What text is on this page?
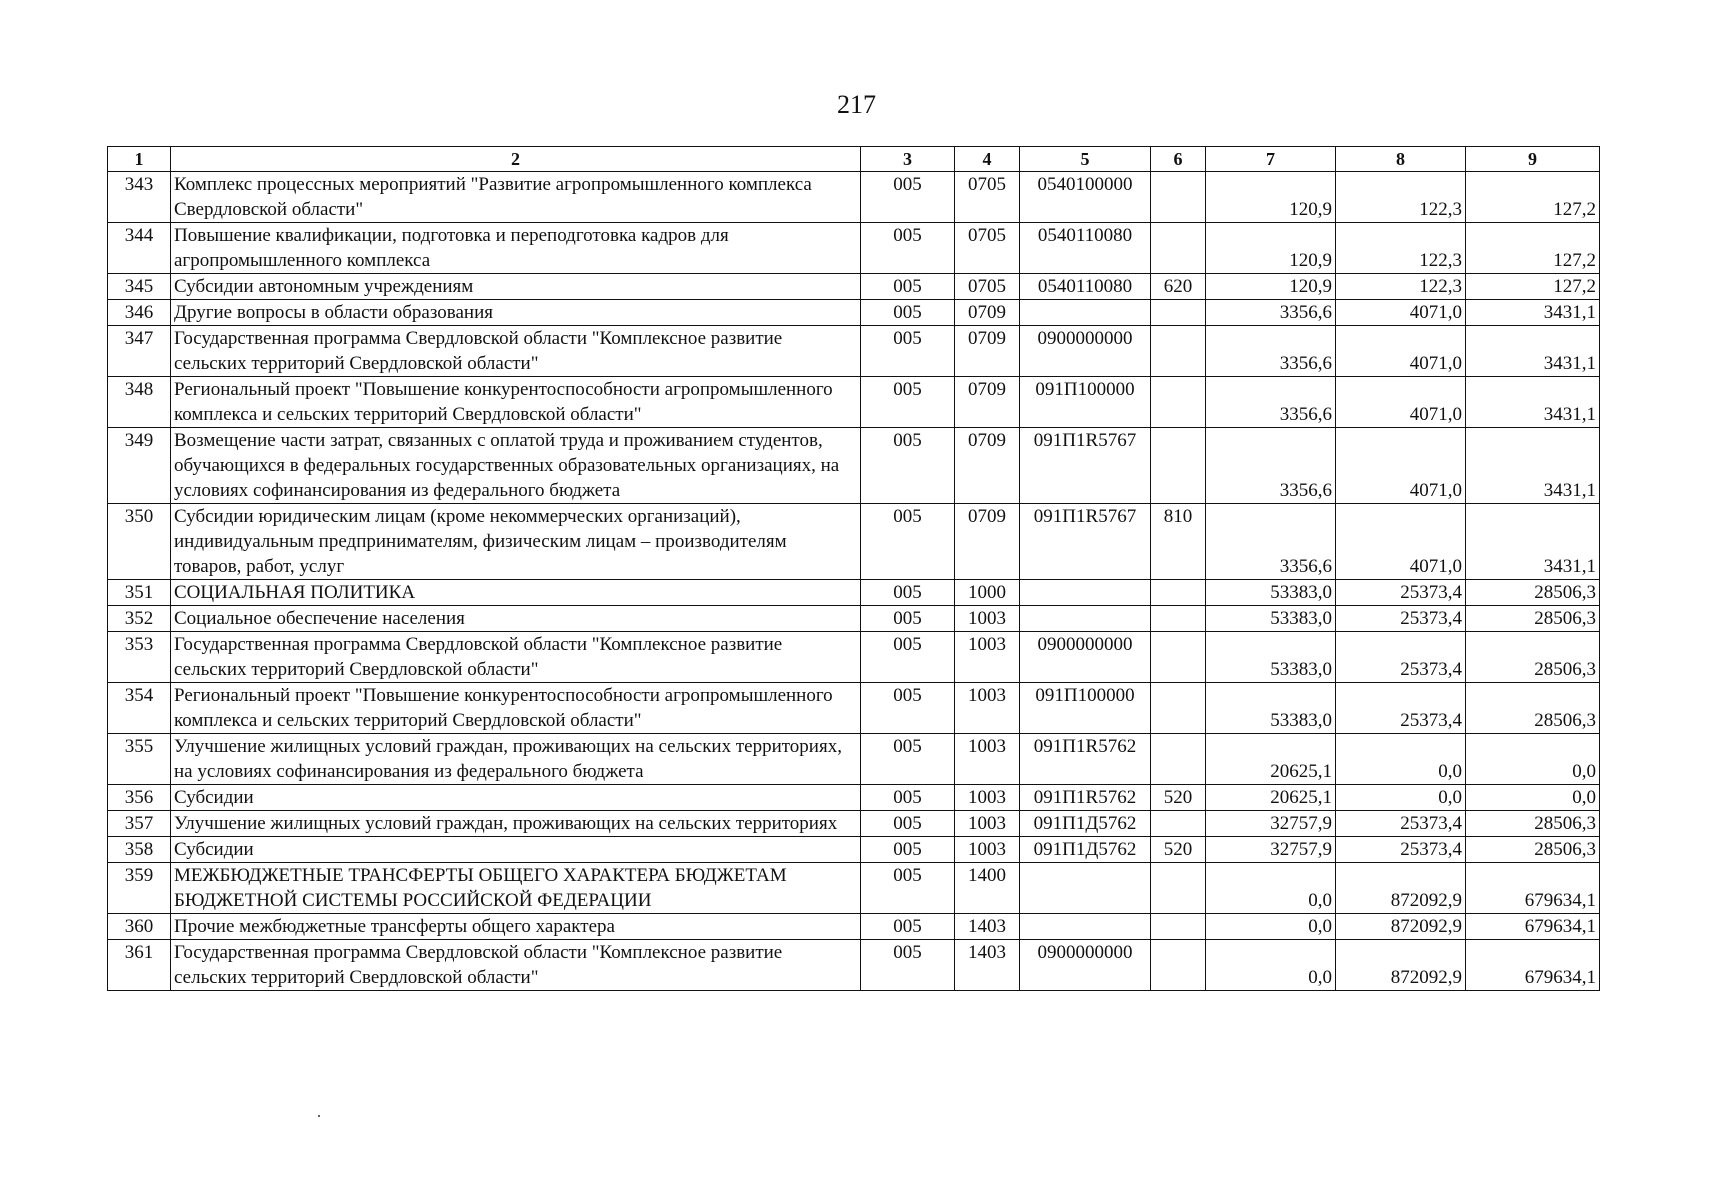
217
1	2	3	4	5	6	7	8	9
343	Комплекс процессных мероприятий "Развитие агропромышленного комплекса Свердловской области"	005	0705	0540100000		120,9	122,3	127,2
344	Повышение квалификации, подготовка и переподготовка кадров для агропромышленного комплекса	005	0705	0540110080		120,9	122,3	127,2
345	Субсидии автономным учреждениям	005	0705	0540110080	620	120,9	122,3	127,2
346	Другие вопросы в области образования	005	0709			3356,6	4071,0	3431,1
347	Государственная программа Свердловской области "Комплексное развитие сельских территорий Свердловской области"	005	0709	0900000000		3356,6	4071,0	3431,1
348	Региональный проект "Повышение конкурентоспособности агропромышленного комплекса и сельских территорий Свердловской области"	005	0709	091П100000		3356,6	4071,0	3431,1
349	Возмещение части затрат, связанных с оплатой труда и проживанием студентов, обучающихся в федеральных государственных образовательных организациях, на условиях софинансирования из федерального бюджета	005	0709	091П1R5767		3356,6	4071,0	3431,1
350	Субсидии юридическим лицам (кроме некоммерческих организаций), индивидуальным предпринимателям, физическим лицам – производителям товаров, работ, услуг	005	0709	091П1R5767	810	3356,6	4071,0	3431,1
351	СОЦИАЛЬНАЯ ПОЛИТИКА	005	1000			53383,0	25373,4	28506,3
352	Социальное обеспечение населения	005	1003			53383,0	25373,4	28506,3
353	Государственная программа Свердловской области "Комплексное развитие сельских территорий Свердловской области"	005	1003	0900000000		53383,0	25373,4	28506,3
354	Региональный проект "Повышение конкурентоспособности агропромышленного комплекса и сельских территорий Свердловской области"	005	1003	091П100000		53383,0	25373,4	28506,3
355	Улучшение жилищных условий граждан, проживающих на сельских территориях, на условиях софинансирования из федерального бюджета	005	1003	091П1R5762		20625,1	0,0	0,0
356	Субсидии	005	1003	091П1R5762	520	20625,1	0,0	0,0
357	Улучшение жилищных условий граждан, проживающих на сельских территориях	005	1003	091П1Д5762		32757,9	25373,4	28506,3
358	Субсидии	005	1003	091П1Д5762	520	32757,9	25373,4	28506,3
359	МЕЖБЮДЖЕТНЫЕ ТРАНСФЕРТЫ ОБЩЕГО ХАРАКТЕРА БЮДЖЕТАМ БЮДЖЕТНОЙ СИСТЕМЫ РОССИЙСКОЙ ФЕДЕРАЦИИ	005	1400			0,0	872092,9	679634,1
360	Прочие межбюджетные трансферты общего характера	005	1403			0,0	872092,9	679634,1
361	Государственная программа Свердловской области "Комплексное развитие сельских территорий Свердловской области"	005	1403	0900000000		0,0	872092,9	679634,1
